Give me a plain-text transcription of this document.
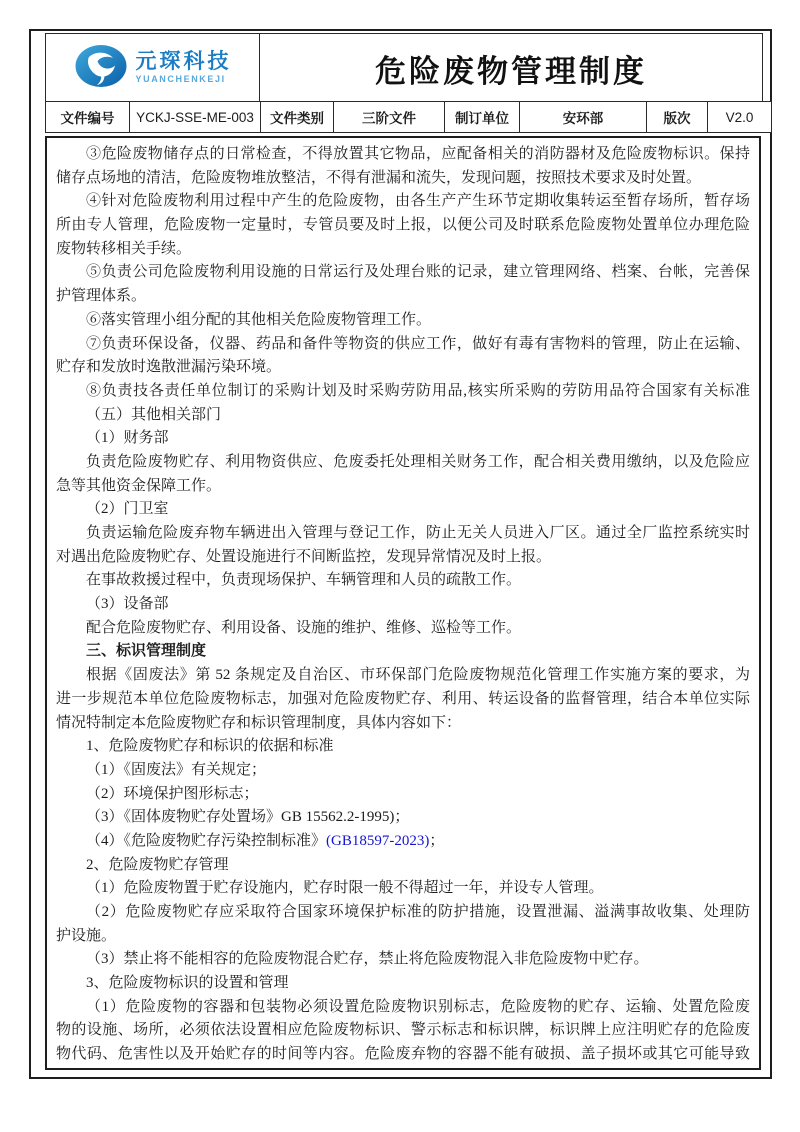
元琛科技
YUANCHENKEJI	危险废物管理制度
文件编号	YCKJ-SSE-ME-003	文件类别	三阶文件	制订单位	安环部	版次	V2.0
③危险废物储存点的日常检查，不得放置其它物品，应配备相关的消防器材及危险废物标识。保持
储存点场地的清洁，危险废物堆放整洁，不得有泄漏和流失，发现问题，按照技术要求及时处置。
④针对危险废物利用过程中产生的危险废物，由各生产产生环节定期收集转运至暂存场所，暂存场
所由专人管理，危险废物一定量时，专管员要及时上报，以便公司及时联系危险废物处置单位办理危险
废物转移相关手续。
⑤负责公司危险废物利用设施的日常运行及处理台账的记录，建立管理网络、档案、台帐，完善保
护管理体系。
⑥落实管理小组分配的其他相关危险废物管理工作。
⑦负责环保设备，仪器、药品和备件等物资的供应工作，做好有毒有害物料的管理，防止在运输、
贮存和发放时逸散泄漏污染环境。
⑧负责技各责任单位制订的采购计划及时采购劳防用品,核实所采购的劳防用品符合国家有关标准
（五）其他相关部门
（1）财务部
负责危险废物贮存、利用物资供应、危废委托处理相关财务工作，配合相关费用缴纳，以及危险应
急等其他资金保障工作。
（2）门卫室
负责运输危险废弃物车辆进出入管理与登记工作，防止无关人员进入厂区。通过全厂监控系统实时
对遇出危险废物贮存、处置设施进行不间断监控，发现异常情况及时上报。
在事故救援过程中，负责现场保护、车辆管理和人员的疏散工作。
（3）设备部
配合危险废物贮存、利用设备、设施的维护、维修、巡检等工作。
三、标识管理制度
根据《固废法》第 52 条规定及自治区、市环保部门危险废物规范化管理工作实施方案的要求，为
进一步规范本单位危险废物标志，加强对危险废物贮存、利用、转运设备的监督管理，结合本单位实际
情况特制定本危险废物贮存和标识管理制度，具体内容如下：
1、危险废物贮存和标识的依据和标准
（1）《固废法》有关规定；
（2）环境保护图形标志；
（3）《固体废物贮存处置场》GB 15562.2-1995)；
（4）《危险废物贮存污染控制标准》(GB18597-2023)；
2、危险废物贮存管理
（1）危险废物置于贮存设施内，贮存时限一般不得超过一年，并设专人管理。
（2）危险废物贮存应采取符合国家环境保护标准的防护措施，设置泄漏、溢满事故收集、处理防
护设施。
（3）禁止将不能相容的危险废物混合贮存，禁止将危险废物混入非危险废物中贮存。
3、危险废物标识的设置和管理
（1）危险废物的容器和包装物必须设置危险废物识别标志，危险废物的贮存、运输、处置危险废
物的设施、场所，必须依法设置相应危险废物标识、警示标志和标识牌，标识牌上应注明贮存的危险废
物代码、危害性以及开始贮存的时间等内容。危险废弃物的容器不能有破损、盖子损坏或其它可能导致
